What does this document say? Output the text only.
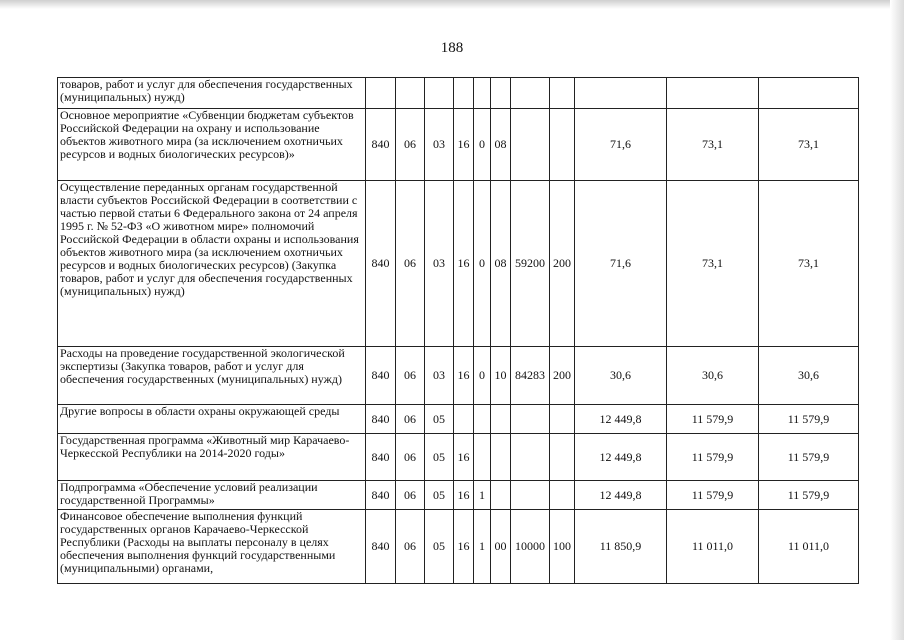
188
товаров, работ и услуг для обеспечения государственных (муниципальных) нужд)											
Основное мероприятие «Субвенции бюджетам субъектов Российской Федерации на охрану и использование объектов животного мира (за исключением охотничьих ресурсов и водных биологических ресурсов)»	840	06	03	16	0	08			71,6	73,1	73,1
Осуществление переданных органам государственной власти субъектов Российской Федерации в соответствии с частью первой статьи 6 Федерального закона от 24 апреля 1995 г. № 52-ФЗ «О животном мире» полномочий Российской Федерации в области охраны и использования объектов животного мира (за исключением охотничьих ресурсов и водных биологических ресурсов) (Закупка товаров, работ и услуг для обеспечения государственных (муниципальных) нужд)	840	06	03	16	0	08	59200	200	71,6	73,1	73,1
Расходы на проведение государственной экологической экспертизы (Закупка товаров, работ и услуг для обеспечения государственных (муниципальных) нужд)	840	06	03	16	0	10	84283	200	30,6	30,6	30,6
Другие вопросы в области охраны окружающей среды	840	06	05						12 449,8	11 579,9	11 579,9
Государственная программа «Животный мир Карачаево-Черкесской Республики на 2014-2020 годы»	840	06	05	16					12 449,8	11 579,9	11 579,9
Подпрограмма «Обеспечение условий реализации государственной Программы»	840	06	05	16	1				12 449,8	11 579,9	11 579,9
Финансовое обеспечение выполнения функций государственных органов Карачаево-Черкесской Республики (Расходы на выплаты персоналу в целях обеспечения выполнения функций государственными (муниципальными) органами,	840	06	05	16	1	00	10000	100	11 850,9	11 011,0	11 011,0
